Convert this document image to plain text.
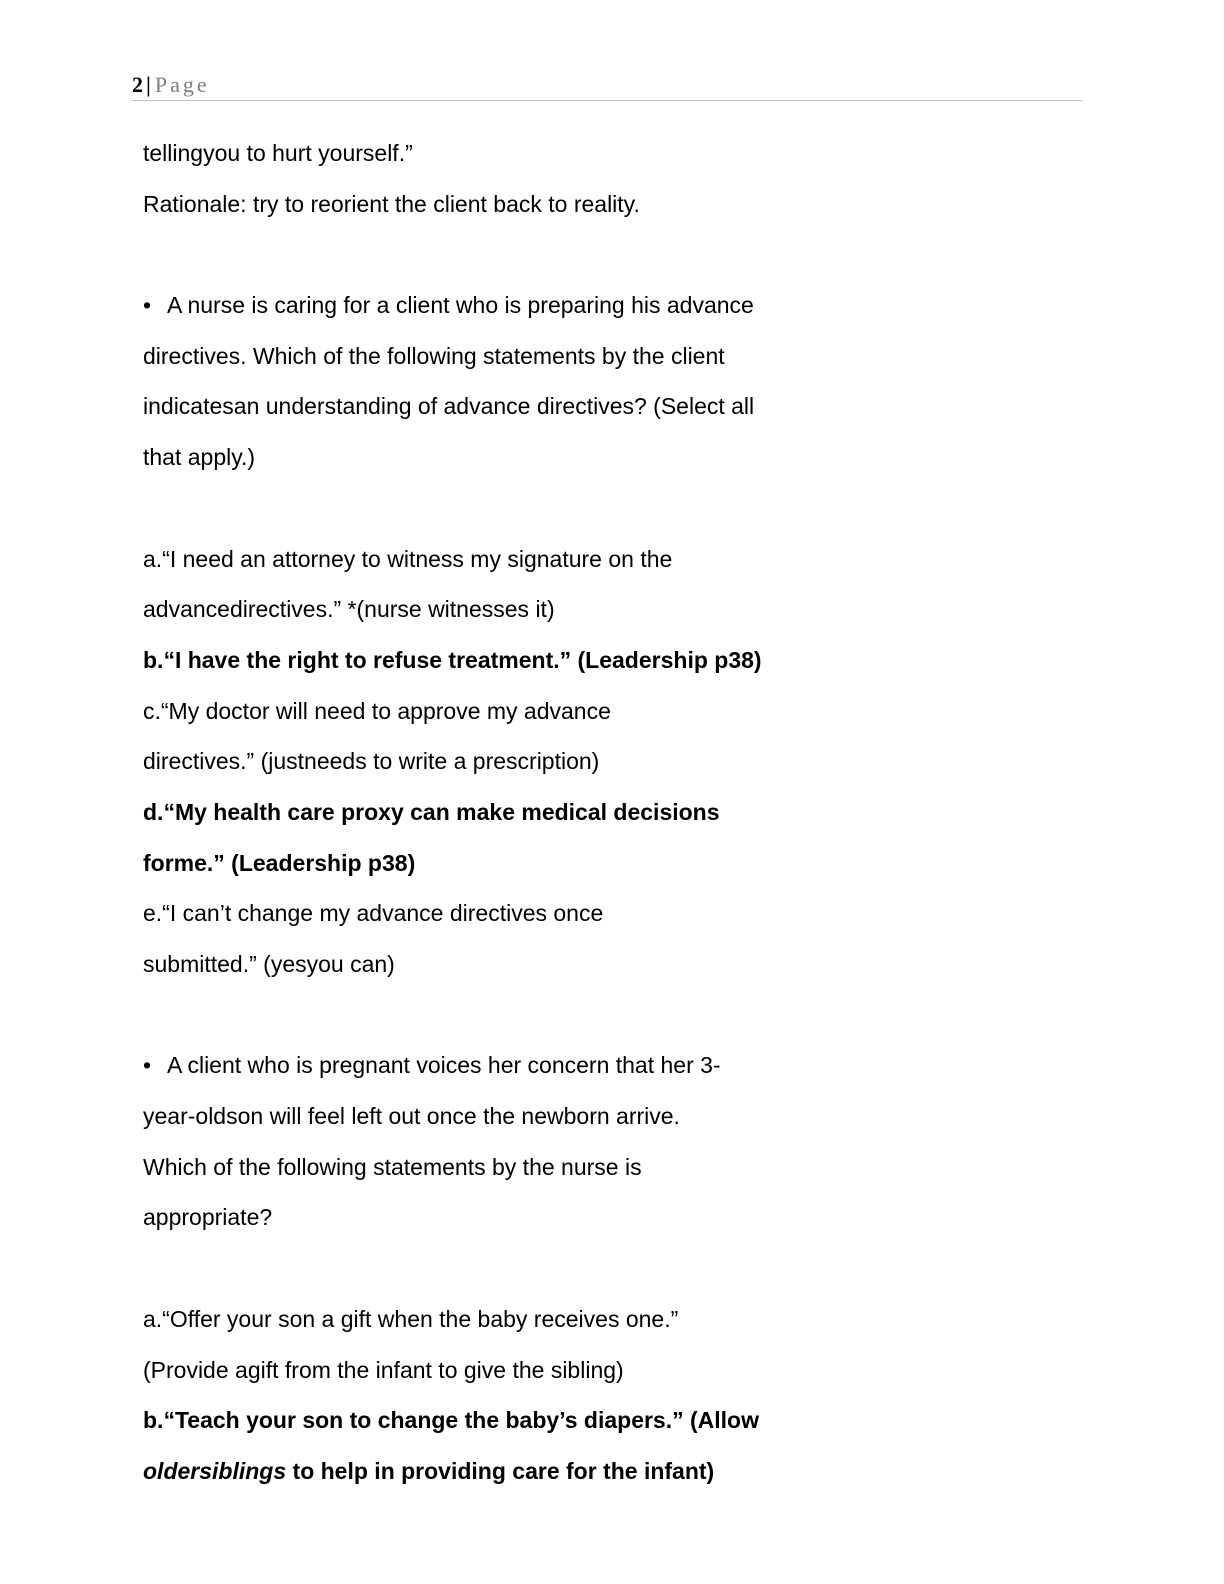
2 | Page
tellingyou to hurt yourself.”
Rationale: try to reorient the client back to reality.
• A nurse is caring for a client who is preparing his advance
directives. Which of the following statements by the client
indicatesan understanding of advance directives? (Select all
that apply.)
a.“I need an attorney to witness my signature on the
advancedirectives.” *(nurse witnesses it)
b.“I have the right to refuse treatment.” (Leadership p38)
c.“My doctor will need to approve my advance
directives.” (justneeds to write a prescription)
d.“My health care proxy can make medical decisions
forme.” (Leadership p38)
e.“I can’t change my advance directives once
submitted.” (yesyou can)
• A client who is pregnant voices her concern that her 3-
year-oldson will feel left out once the newborn arrive.
Which of the following statements by the nurse is
appropriate?
a.“Offer your son a gift when the baby receives one.”
(Provide agift from the infant to give the sibling)
b.“Teach your son to change the baby’s diapers.” (Allow
oldersiblings to help in providing care for the infant)
